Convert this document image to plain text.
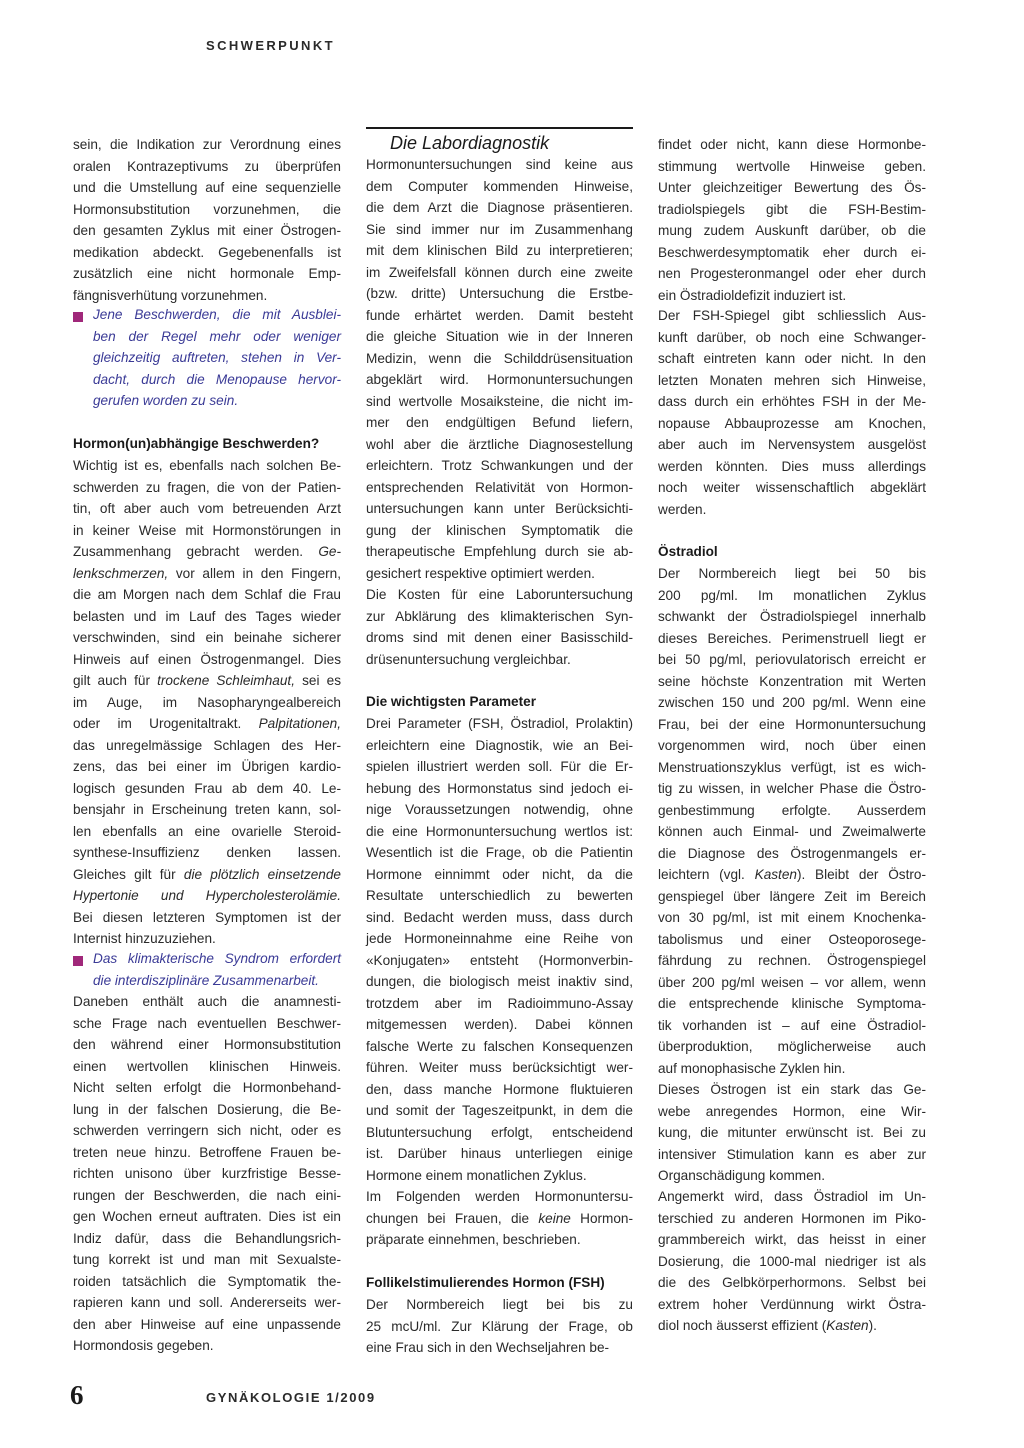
SCHWERPUNKT
Die Labordiagnostik
6	GYNÄKOLOGIE 1/2009
sein, die Indikation zur Verordnung eines
oralen Kontrazeptivums zu überprüfen
und die Umstellung auf eine sequenzielle
Hormonsubstitution vorzunehmen, die
den gesamten Zyklus mit einer Östrogen-
medikation abdeckt. Gegebenenfalls ist
zusätzlich eine nicht hormonale Emp-
fängnisverhütung vorzunehmen.
Jene Beschwerden, die mit Ausblei-
ben der Regel mehr oder weniger
gleichzeitig auftreten, stehen in Ver-
dacht, durch die Menopause hervor-
gerufen worden zu sein.
Hormon(un)abhängige Beschwerden?
Wichtig ist es, ebenfalls nach solchen Be-
schwerden zu fragen, die von der Patien-
tin, oft aber auch vom betreuenden Arzt
in keiner Weise mit Hormonstörungen in
Zusammenhang gebracht werden. Ge-
lenkschmerzen, vor allem in den Fingern,
die am Morgen nach dem Schlaf die Frau
belasten und im Lauf des Tages wieder
verschwinden, sind ein beinahe sicherer
Hinweis auf einen Östrogenmangel. Dies
gilt auch für trockene Schleimhaut, sei es
im Auge, im Nasopharyngealbereich
oder im Urogenitaltrakt. Palpitationen,
das unregelmässige Schlagen des Her-
zens, das bei einer im Übrigen kardio-
logisch gesunden Frau ab dem 40. Le-
bensjahr in Erscheinung treten kann, sol-
len ebenfalls an eine ovarielle Steroid-
synthese-Insuffizienz denken lassen.
Gleiches gilt für die plötzlich einsetzende
Hypertonie und Hypercholesterolämie.
Bei diesen letzteren Symptomen ist der
Internist hinzuzuziehen.
Das klimakterische Syndrom erfordert
die interdisziplinäre Zusammenarbeit.
Daneben enthält auch die anamnesti-
sche Frage nach eventuellen Beschwer-
den während einer Hormonsubstitution
einen wertvollen klinischen Hinweis.
Nicht selten erfolgt die Hormonbehand-
lung in der falschen Dosierung, die Be-
schwerden verringern sich nicht, oder es
treten neue hinzu. Betroffene Frauen be-
richten unisono über kurzfristige Besse-
rungen der Beschwerden, die nach eini-
gen Wochen erneut auftraten. Dies ist ein
Indiz dafür, dass die Behandlungsrich-
tung korrekt ist und man mit Sexualste-
roiden tatsächlich die Symptomatik the-
rapieren kann und soll. Andererseits wer-
den aber Hinweise auf eine unpassende
Hormondosis gegeben.
Hormonuntersuchungen sind keine aus
dem Computer kommenden Hinweise,
die dem Arzt die Diagnose präsentieren.
Sie sind immer nur im Zusammenhang
mit dem klinischen Bild zu interpretieren;
im Zweifelsfall können durch eine zweite
(bzw. dritte) Untersuchung die Erstbe-
funde erhärtet werden. Damit besteht
die gleiche Situation wie in der Inneren
Medizin, wenn die Schilddrüsensituation
abgeklärt wird. Hormonuntersuchungen
sind wertvolle Mosaiksteine, die nicht im-
mer den endgültigen Befund liefern,
wohl aber die ärztliche Diagnosestellung
erleichtern. Trotz Schwankungen und der
entsprechenden Relativität von Hormon-
untersuchungen kann unter Berücksichti-
gung der klinischen Symptomatik die
therapeutische Empfehlung durch sie ab-
gesichert respektive optimiert werden.
Die Kosten für eine Laboruntersuchung
zur Abklärung des klimakterischen Syn-
droms sind mit denen einer Basisschild-
drüsenuntersuchung vergleichbar.
Die wichtigsten Parameter
Drei Parameter (FSH, Östradiol, Prolaktin)
erleichtern eine Diagnostik, wie an Bei-
spielen illustriert werden soll. Für die Er-
hebung des Hormonstatus sind jedoch ei-
nige Voraussetzungen notwendig, ohne
die eine Hormonuntersuchung wertlos ist:
Wesentlich ist die Frage, ob die Patientin
Hormone einnimmt oder nicht, da die
Resultate unterschiedlich zu bewerten
sind. Bedacht werden muss, dass durch
jede Hormoneinnahme eine Reihe von
«Konjugaten» entsteht (Hormonverbin-
dungen, die biologisch meist inaktiv sind,
trotzdem aber im Radioimmuno-Assay
mitgemessen werden). Dabei können
falsche Werte zu falschen Konsequenzen
führen. Weiter muss berücksichtigt wer-
den, dass manche Hormone fluktuieren
und somit der Tageszeitpunkt, in dem die
Blutuntersuchung erfolgt, entscheidend
ist. Darüber hinaus unterliegen einige
Hormone einem monatlichen Zyklus.
Im Folgenden werden Hormonuntersu-
chungen bei Frauen, die keine Hormon-
präparate einnehmen, beschrieben.
Follikelstimulierendes Hormon (FSH)
Der Normbereich liegt bei bis zu
25 mcU/ml. Zur Klärung der Frage, ob
eine Frau sich in den Wechseljahren be-
findet oder nicht, kann diese Hormonbe-
stimmung wertvolle Hinweise geben.
Unter gleichzeitiger Bewertung des Ös-
tradiolspiegels gibt die FSH-Bestim-
mung zudem Auskunft darüber, ob die
Beschwerdesymptomatik eher durch ei-
nen Progesteronmangel oder eher durch
ein Östradioldefizit induziert ist.
Der FSH-Spiegel gibt schliesslich Aus-
kunft darüber, ob noch eine Schwanger-
schaft eintreten kann oder nicht. In den
letzten Monaten mehren sich Hinweise,
dass durch ein erhöhtes FSH in der Me-
nopause Abbauprozesse am Knochen,
aber auch im Nervensystem ausgelöst
werden könnten. Dies muss allerdings
noch weiter wissenschaftlich abgeklärt
werden.
Östradiol
Der Normbereich liegt bei 50 bis
200 pg/ml. Im monatlichen Zyklus
schwankt der Östradiolspiegel innerhalb
dieses Bereiches. Perimenstruell liegt er
bei 50 pg/ml, periovulatorisch erreicht er
seine höchste Konzentration mit Werten
zwischen 150 und 200 pg/ml. Wenn eine
Frau, bei der eine Hormonuntersuchung
vorgenommen wird, noch über einen
Menstruationszyklus verfügt, ist es wich-
tig zu wissen, in welcher Phase die Östro-
genbestimmung erfolgte. Ausserdem
können auch Einmal- und Zweimalwerte
die Diagnose des Östrogenmangels er-
leichtern (vgl. Kasten). Bleibt der Östro-
genspiegel über längere Zeit im Bereich
von 30 pg/ml, ist mit einem Knochenka-
tabolismus und einer Osteoporosege-
fährdung zu rechnen. Östrogenspiegel
über 200 pg/ml weisen – vor allem, wenn
die entsprechende klinische Symptoma-
tik vorhanden ist – auf eine Östradiol-
überproduktion, möglicherweise auch
auf monophasische Zyklen hin.
Dieses Östrogen ist ein stark das Ge-
webe anregendes Hormon, eine Wir-
kung, die mitunter erwünscht ist. Bei zu
intensiver Stimulation kann es aber zur
Organschädigung kommen.
Angemerkt wird, dass Östradiol im Un-
terschied zu anderen Hormonen im Piko-
grammbereich wirkt, das heisst in einer
Dosierung, die 1000-mal niedriger ist als
die des Gelbkörperhormons. Selbst bei
extrem hoher Verdünnung wirkt Östra-
diol noch äusserst effizient (Kasten).
